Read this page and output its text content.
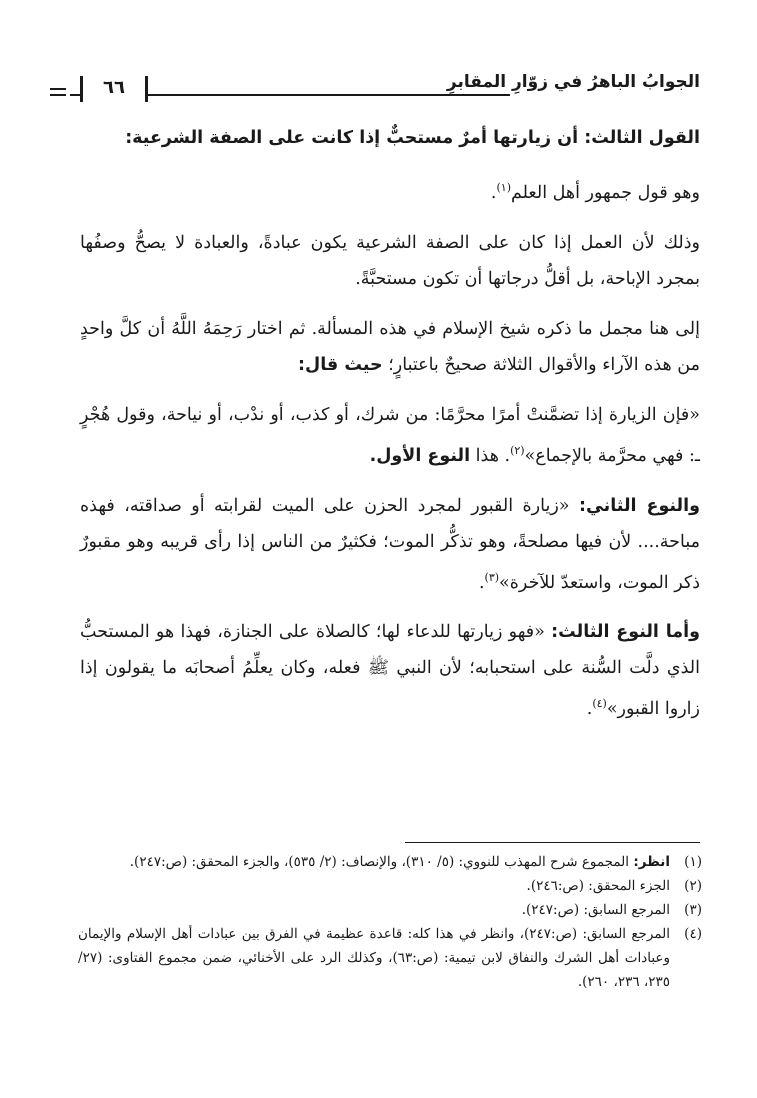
٦٦	الجوابُ الباهرُ في زوّارِ المقابرِ

القول الثالث: أن زيارتها أمرٌ مستحبٌّ إذا كانت على الصفة الشرعية:

وهو قول جمهور أهل العلم$^{(١)}$.

وذلك لأن العمل إذا كان على الصفة الشرعية يكون عبادةً، والعبادة لا يصحُّ وصفُها بمجرد الإباحة، بل أقلُّ درجاتها أن تكون مستحبَّةً.

إلى هنا مجمل ما ذكره شيخ الإسلام في هذه المسألة. ثم اختار رَحِمَهُ اللَّهُ أن كلَّ واحدٍ من هذه الآراء والأقوال الثلاثة صحيحٌ باعتبارٍ؛ حيث قال:

«فإن الزيارة إذا تضمَّنتْ أمرًا محرَّمًا: من شرك، أو كذب، أو ندْب، أو نياحة، وقول هُجْرٍ ـ: فهي محرَّمة بالإجماع»$^{(٢)}$. هذا النوع الأول.

والنوع الثاني: «زيارة القبور لمجرد الحزن على الميت لقرابته أو صداقته، فهذه مباحة.... لأن فيها مصلحةً، وهو تذكُّر الموت؛ فكثيرٌ من الناس إذا رأى قريبه وهو مقبورٌ ذكر الموت، واستعدّ للآخرة»$^{(٣)}$.

وأما النوع الثالث: «فهو زيارتها للدعاء لها؛ كالصلاة على الجنازة، فهذا هو المستحبُّ الذي دلَّت السُّنة على استحبابه؛ لأن النبي ﷺ فعله، وكان يعلِّمُ أصحابَه ما يقولون إذا زاروا القبور»$^{(٤)}$.

(١)
انظر: المجموع شرح المهذب للنووي: (٥/ ٣١٠)، والإنصاف: (٢/ ٥٣٥)، والجزء المحقق: (ص:٢٤٧).
(٢)
الجزء المحقق: (ص:٢٤٦).
(٣)
المرجع السابق: (ص:٢٤٧).
(٤)
المرجع السابق: (ص:٢٤٧)، وانظر في هذا كله: قاعدة عظيمة في الفرق بين عبادات أهل الإسلام والإيمان وعبادات أهل الشرك والنفاق لابن تيمية: (ص:٦٣)، وكذلك الرد على الأخنائي، ضمن مجموع الفتاوى: (٢٧/ ٢٣٥، ٢٣٦، ٢٦٠).
